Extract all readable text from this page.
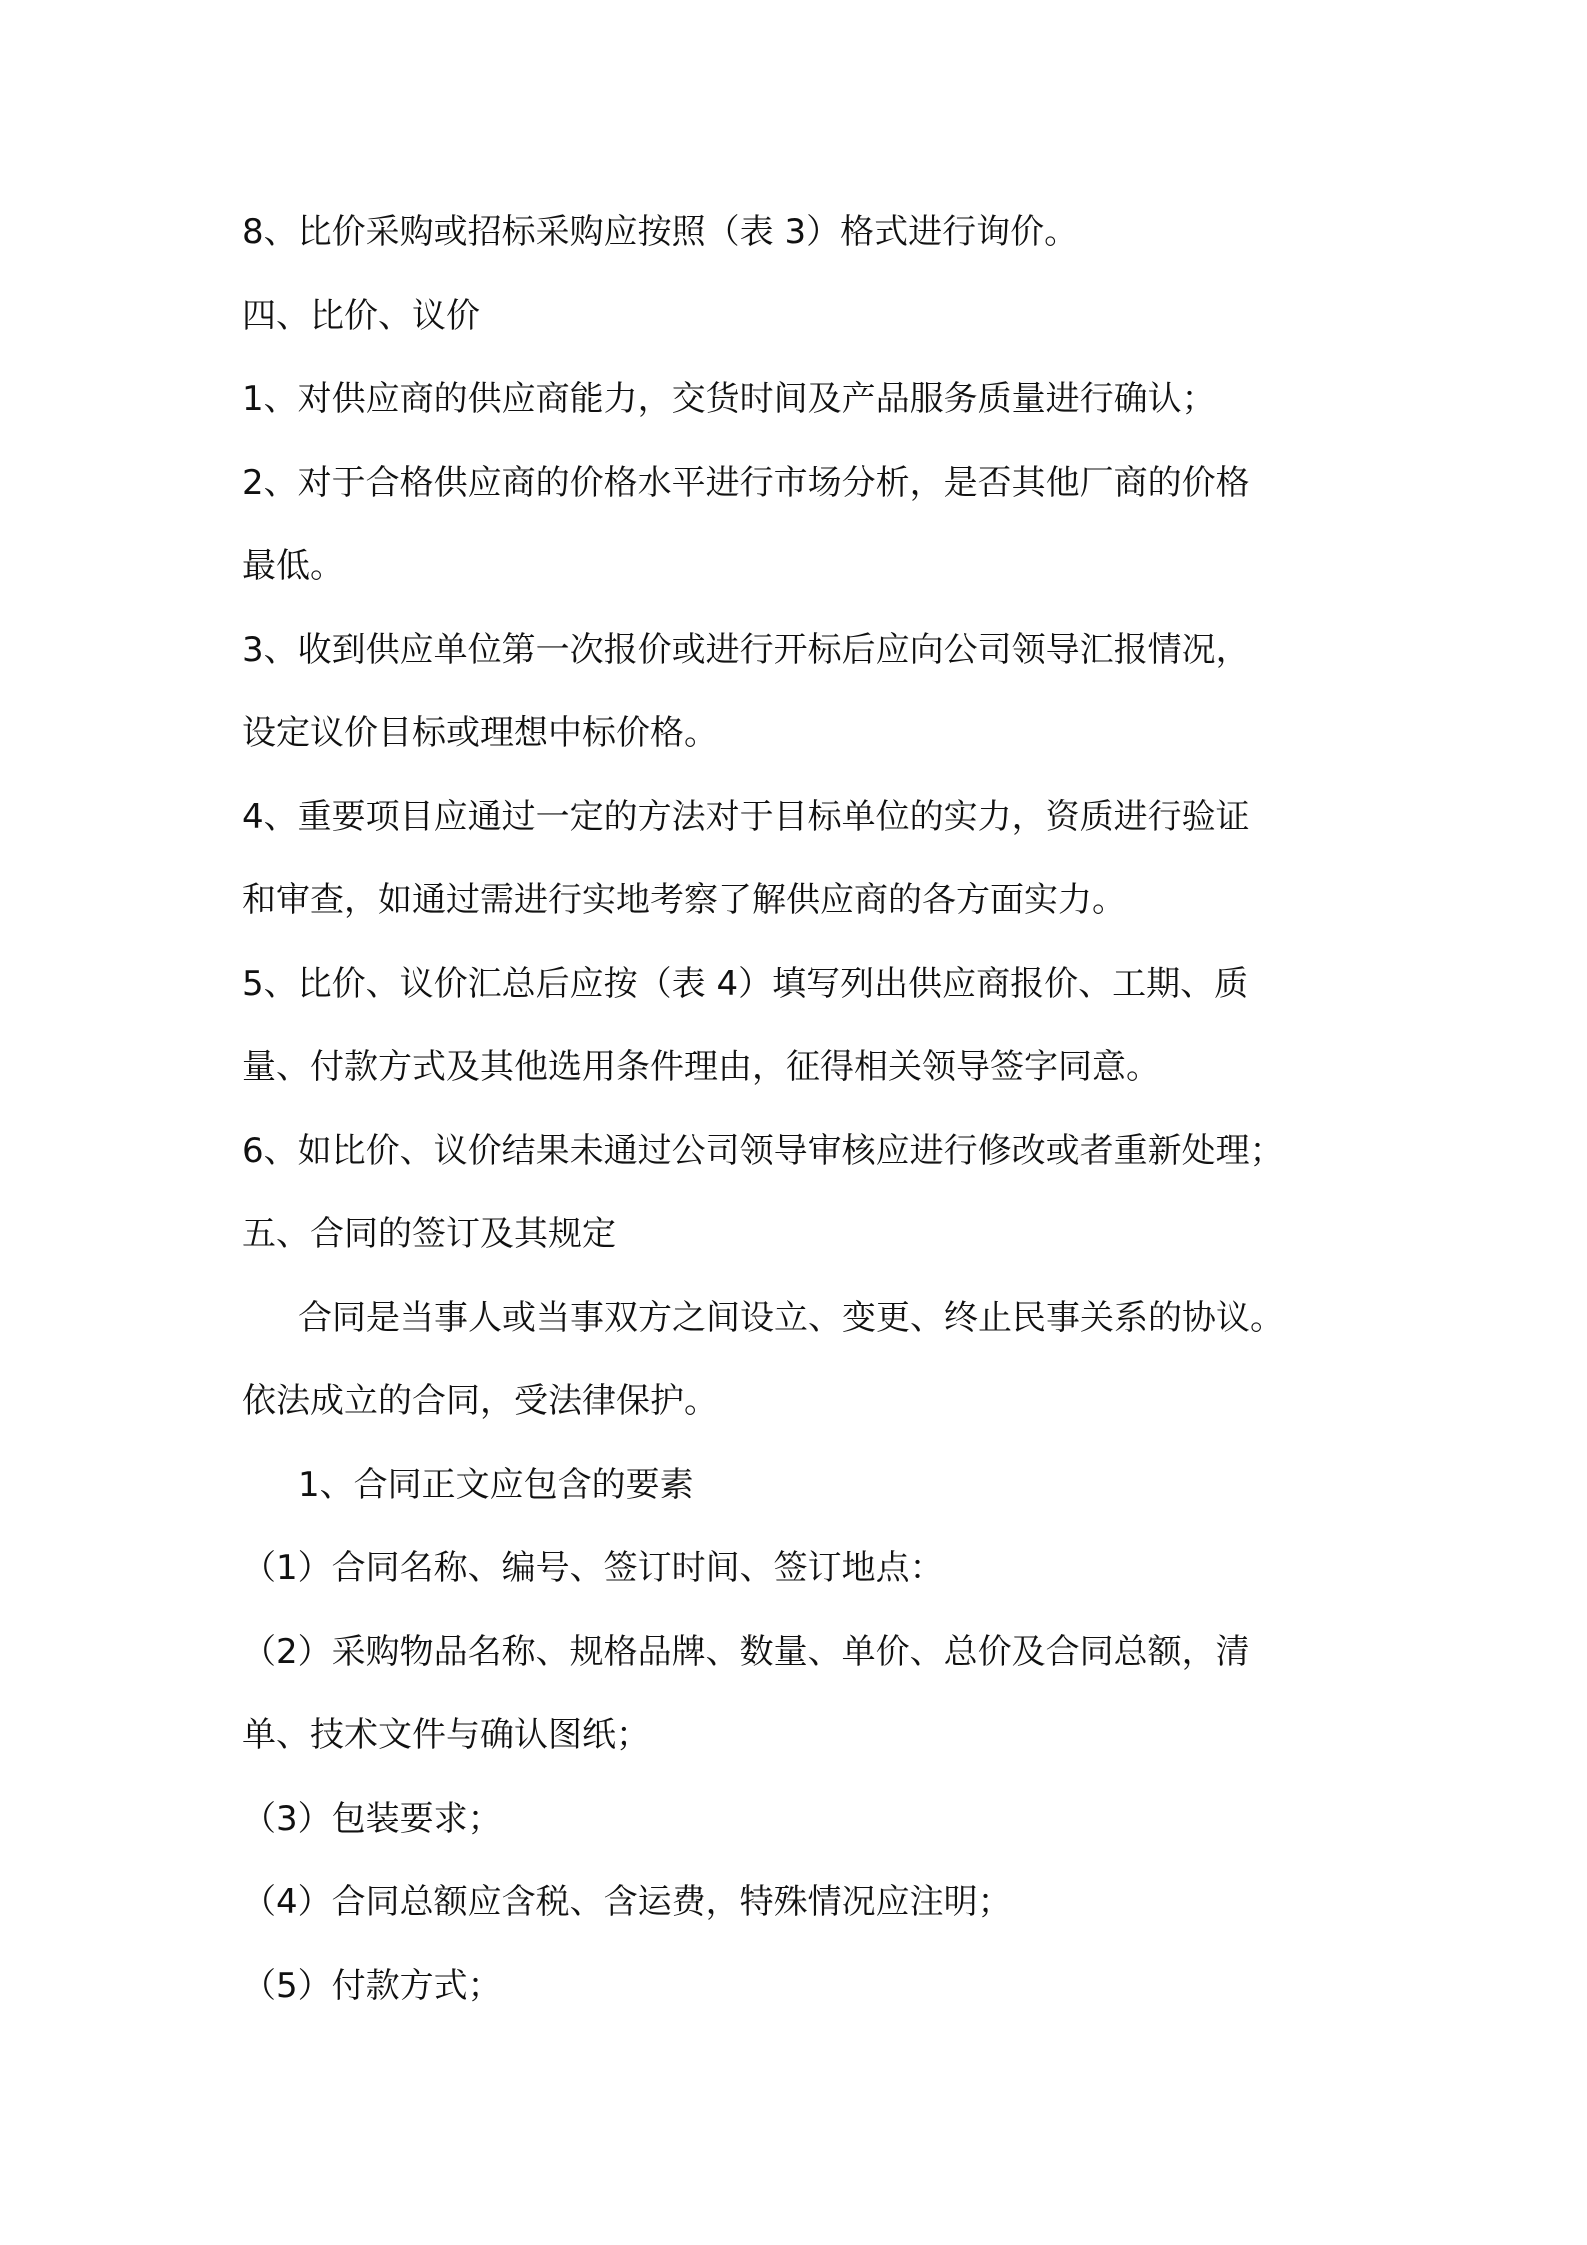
8、比价采购或招标采购应按照（表 3）格式进行询价。
四、比价、议价
1、对供应商的供应商能力，交货时间及产品服务质量进行确认；
2、对于合格供应商的价格水平进行市场分析，是否其他厂商的价格
最低。
3、收到供应单位第一次报价或进行开标后应向公司领导汇报情况，
设定议价目标或理想中标价格。
4、重要项目应通过一定的方法对于目标单位的实力，资质进行验证
和审查，如通过需进行实地考察了解供应商的各方面实力。
5、比价、议价汇总后应按（表 4）填写列出供应商报价、工期、质
量、付款方式及其他选用条件理由，征得相关领导签字同意。
6、如比价、议价结果未通过公司领导审核应进行修改或者重新处理；
五、合同的签订及其规定
合同是当事人或当事双方之间设立、变更、终止民事关系的协议。
依法成立的合同，受法律保护。
1、合同正文应包含的要素
（1）合同名称、编号、签订时间、签订地点：
（2）采购物品名称、规格品牌、数量、单价、总价及合同总额，清
单、技术文件与确认图纸；
（3）包装要求；
（4）合同总额应含税、含运费，特殊情况应注明；
（5）付款方式；
